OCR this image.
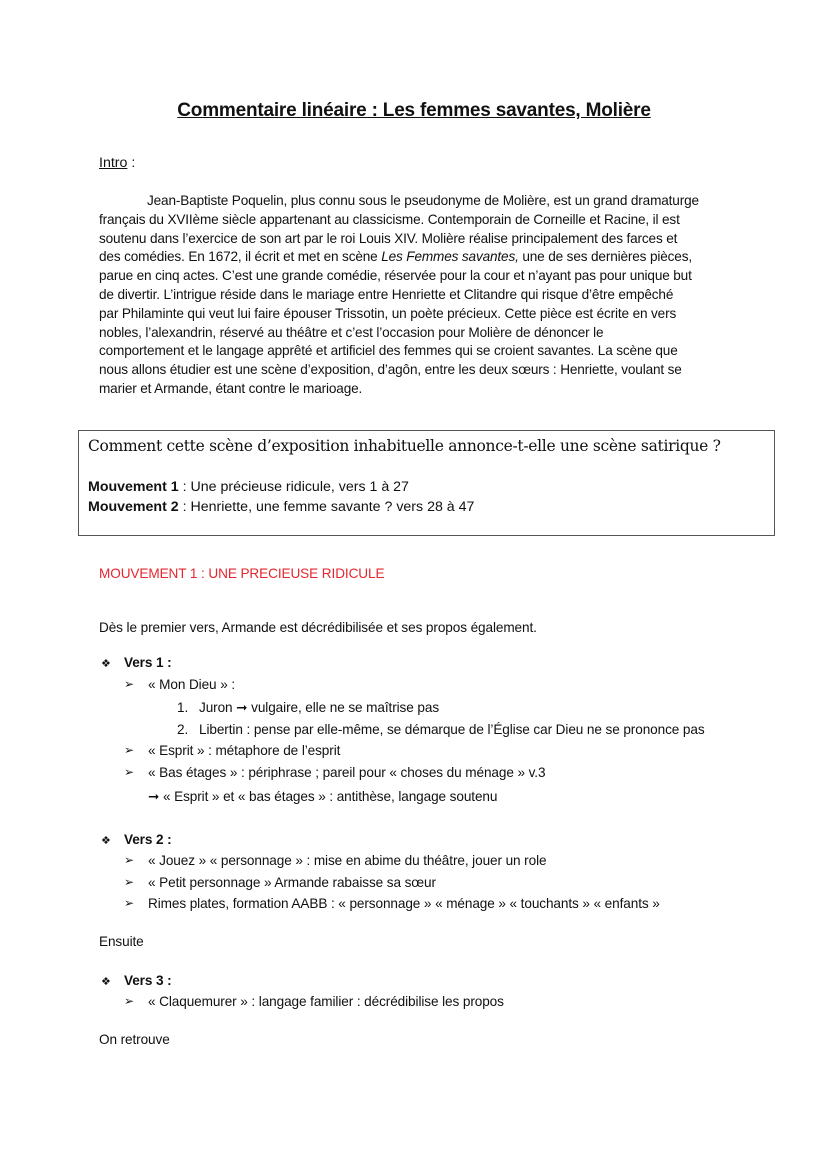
Commentaire linéaire : Les femmes savantes, Molière
Intro :
Jean-Baptiste Poquelin, plus connu sous le pseudonyme de Molière, est un grand dramaturge
français du XVIIème siècle appartenant au classicisme. Contemporain de Corneille et Racine, il est
soutenu dans l’exercice de son art par le roi Louis XIV. Molière réalise principalement des farces et
des comédies. En 1672, il écrit et met en scène Les Femmes savantes, une de ses dernières pièces,
parue en cinq actes. C’est une grande comédie, réservée pour la cour et n’ayant pas pour unique but
de divertir. L’intrigue réside dans le mariage entre Henriette et Clitandre qui risque d’être empêché
par Philaminte qui veut lui faire épouser Trissotin, un poète précieux. Cette pièce est écrite en vers
nobles, l’alexandrin, réservé au théâtre et c’est l’occasion pour Molière de dénoncer le
comportement et le langage apprêté et artificiel des femmes qui se croient savantes. La scène que
nous allons étudier est une scène d’exposition, d’agôn, entre les deux sœurs : Henriette, voulant se
marier et Armande, étant contre le marioage.
Comment cette scène d’exposition inhabituelle annonce-t-elle une scène satirique ?
Mouvement 1 : Une précieuse ridicule, vers 1 à 27
Mouvement 2 : Henriette, une femme savante ? vers 28 à 47
MOUVEMENT 1 : UNE PRECIEUSE RIDICULE
Dès le premier vers, Armande est décrédibilisée et ses propos également.
❖ Vers 1 :
➢ « Mon Dieu » :
1. Juron ➞ vulgaire, elle ne se maîtrise pas
2. Libertin : pense par elle-même, se démarque de l’Église car Dieu ne se prononce pas
➢ « Esprit » : métaphore de l’esprit
➢ « Bas étages » : périphrase ; pareil pour « choses du ménage » v.3
➞ « Esprit » et « bas étages » : antithèse, langage soutenu
❖ Vers 2 :
➢ « Jouez » « personnage » : mise en abime du théâtre, jouer un role
➢ « Petit personnage » Armande rabaisse sa sœur
➢ Rimes plates, formation AABB : « personnage » « ménage » « touchants » « enfants »
Ensuite
❖ Vers 3 :
➢ « Claquemurer » : langage familier : décrédibilise les propos
On retrouve
